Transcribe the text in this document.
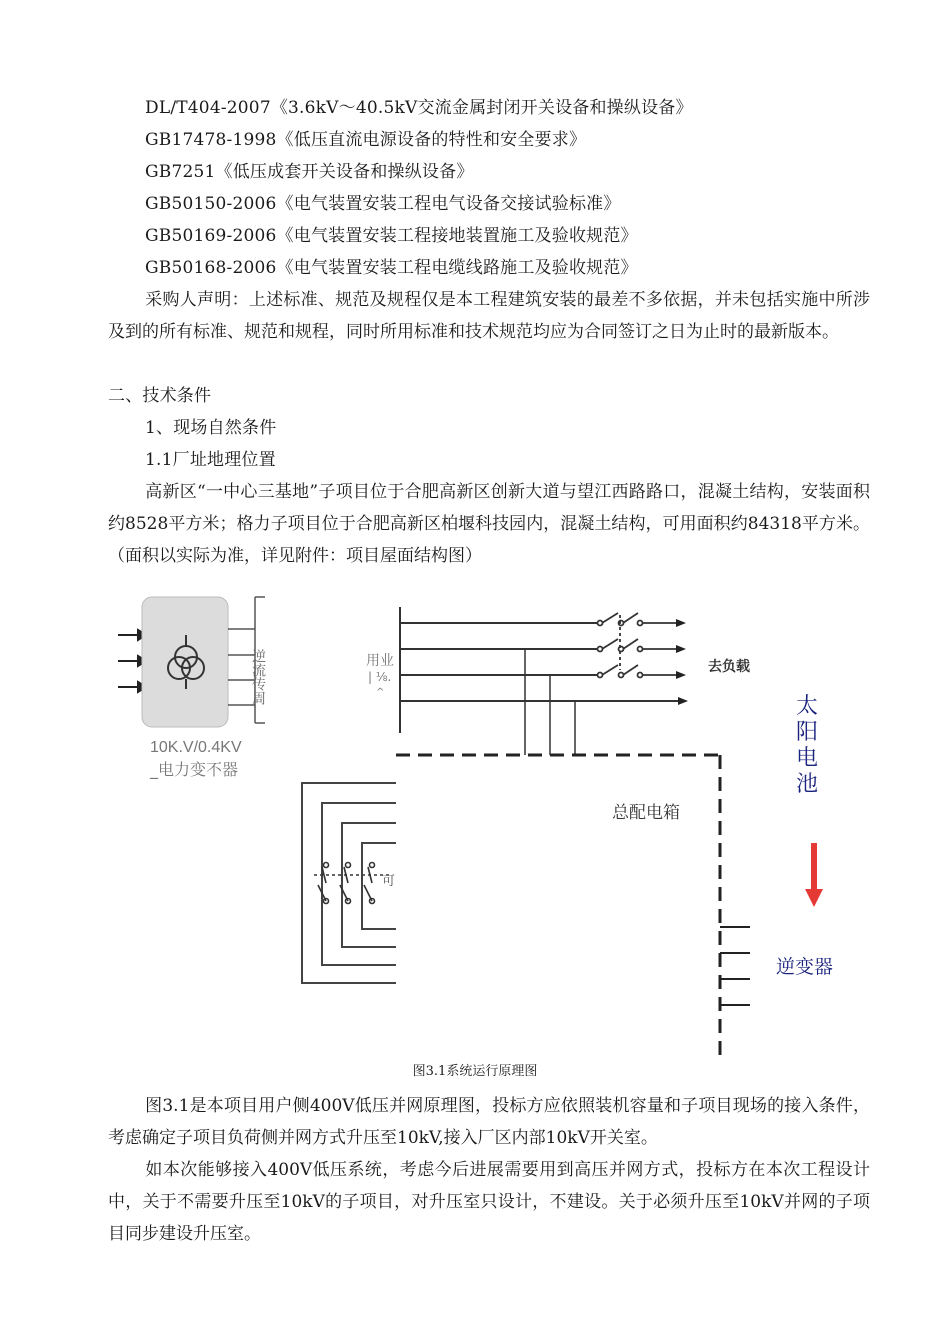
DL/T404-2007《3.6kV～40.5kV交流金属封闭开关设备和操纵设备》
GB17478-1998《低压直流电源设备的特性和安全要求》
GB7251《低压成套开关设备和操纵设备》
GB50150-2006《电气装置安装工程电气设备交接试验标准》
GB50169-2006《电气装置安装工程接地装置施工及验收规范》
GB50168-2006《电气装置安装工程电缆线路施工及验收规范》
采购人声明：上述标准、规范及规程仅是本工程建筑安装的最差不多依据，并未包括实施中所涉及到的所有标准、规范和规程，同时所用标准和技术规范均应为合同签订之日为止时的最新版本。
二、技术条件
1、现场自然条件
1.1厂址地理位置
高新区“一中心三基地”子项目位于合肥高新区创新大道与望江西路路口，混凝土结构，安装面积约8528平方米；格力子项目位于合肥高新区柏堰科技园内，混凝土结构，可用面积约84318平方米。（面积以实际为准，详见附件：项目屋面结构图）
逆流传周
10K.V/0.4KV
_电力变不器
用业
| ⅛.
^
去负载
总配电箱
可
太
阳
电
池
逆变器
图3.1系统运行原理图
图3.1是本项目用户侧400V低压并网原理图，投标方应依照装机容量和子项目现场的接入条件，考虑确定子项目负荷侧并网方式升压至10kV,接入厂区内部10kV开关室。
如本次能够接入400V低压系统，考虑今后进展需要用到高压并网方式，投标方在本次工程设计中，关于不需要升压至10kV的子项目，对升压室只设计，不建设。关于必须升压至10kV并网的子项目同步建设升压室。
